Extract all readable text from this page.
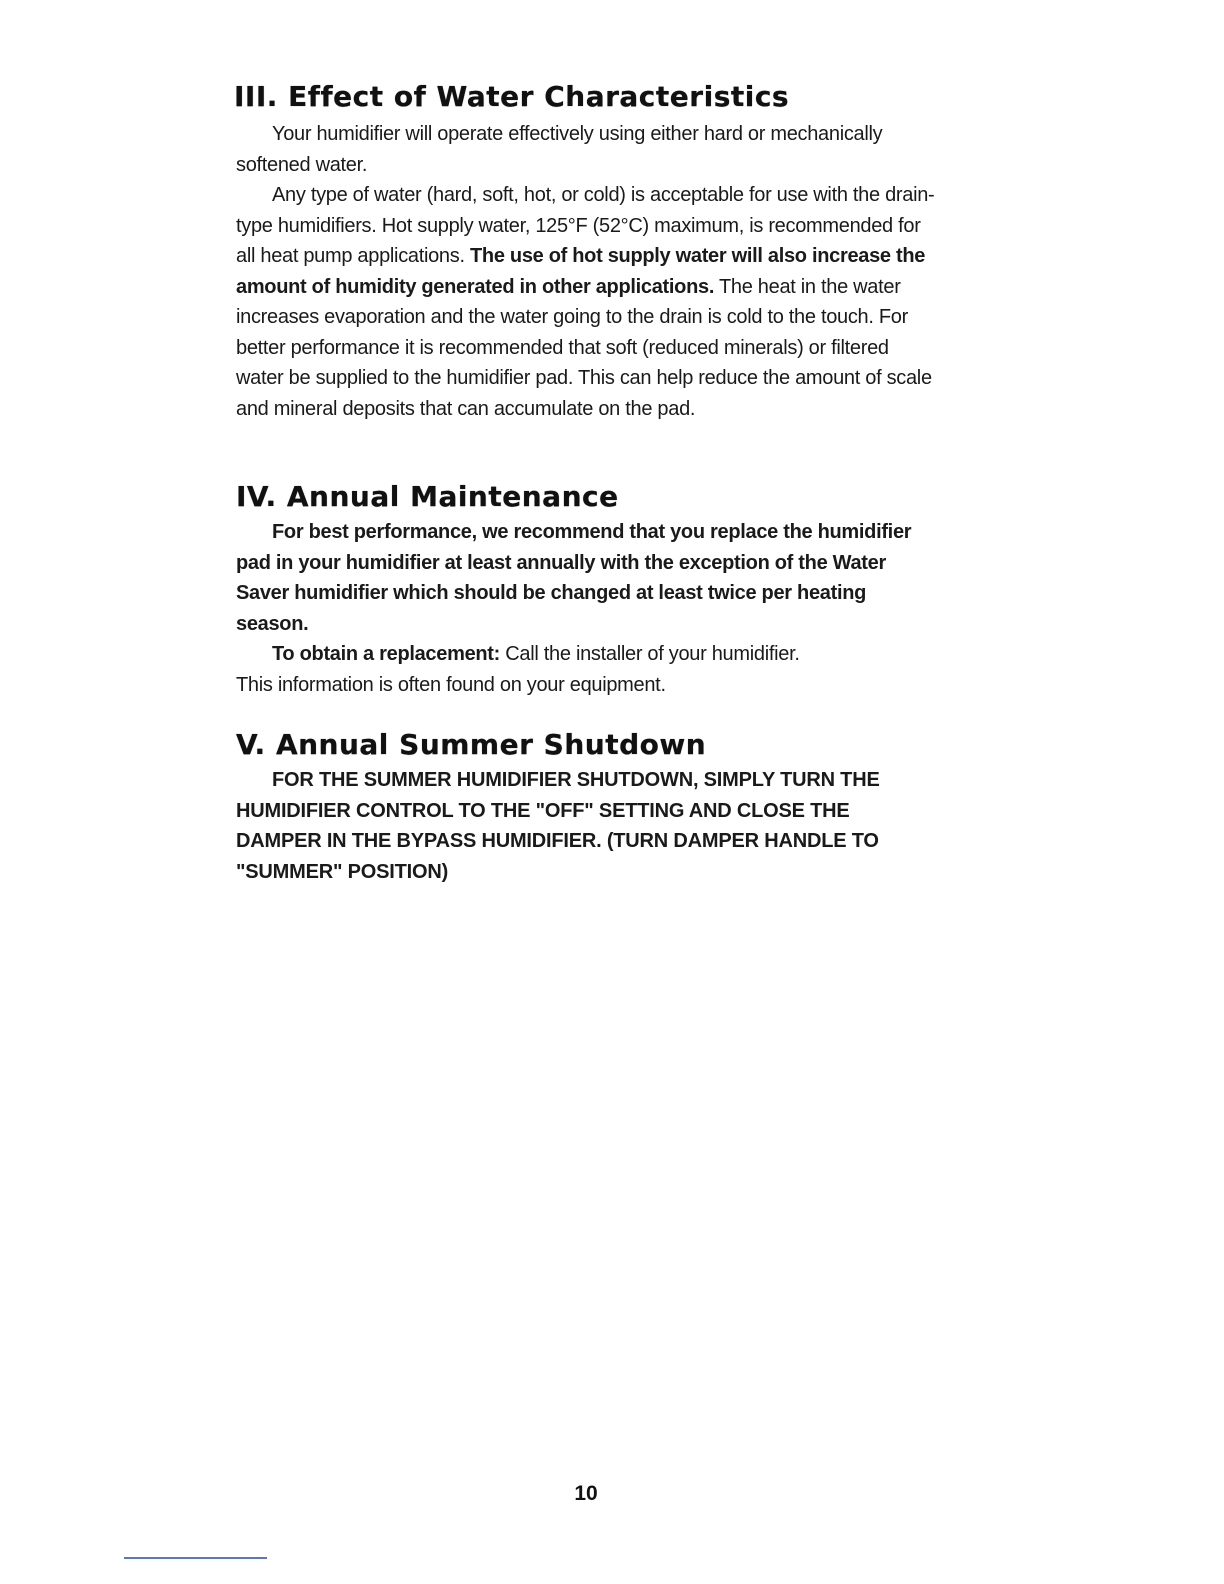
III. Effect of Water Characteristics

Your humidifier will operate effectively using either hard or mechanically softened water.

Any type of water (hard, soft, hot, or cold) is acceptable for use with the drain-type humidifiers. Hot supply water, 125°F (52°C) maximum, is recommended for all heat pump applications. The use of hot supply water will also increase the amount of humidity generated in other applications. The heat in the water increases evaporation and the water going to the drain is cold to the touch. For better performance it is recommended that soft (reduced minerals) or filtered water be supplied to the humidifier pad. This can help reduce the amount of scale and mineral deposits that can accumulate on the pad.

IV. Annual Maintenance

For best performance, we recommend that you replace the humidifier pad in your humidifier at least annually with the exception of the Water Saver humidifier which should be changed at least twice per heating season.

To obtain a replacement: Call the installer of your humidifier.

This information is often found on your equipment.

V. Annual Summer Shutdown

FOR THE SUMMER HUMIDIFIER SHUTDOWN, SIMPLY TURN THE HUMIDIFIER CONTROL TO THE "OFF" SETTING AND CLOSE THE DAMPER IN THE BYPASS HUMIDIFIER. (TURN DAMPER HANDLE TO "SUMMER" POSITION)

10
